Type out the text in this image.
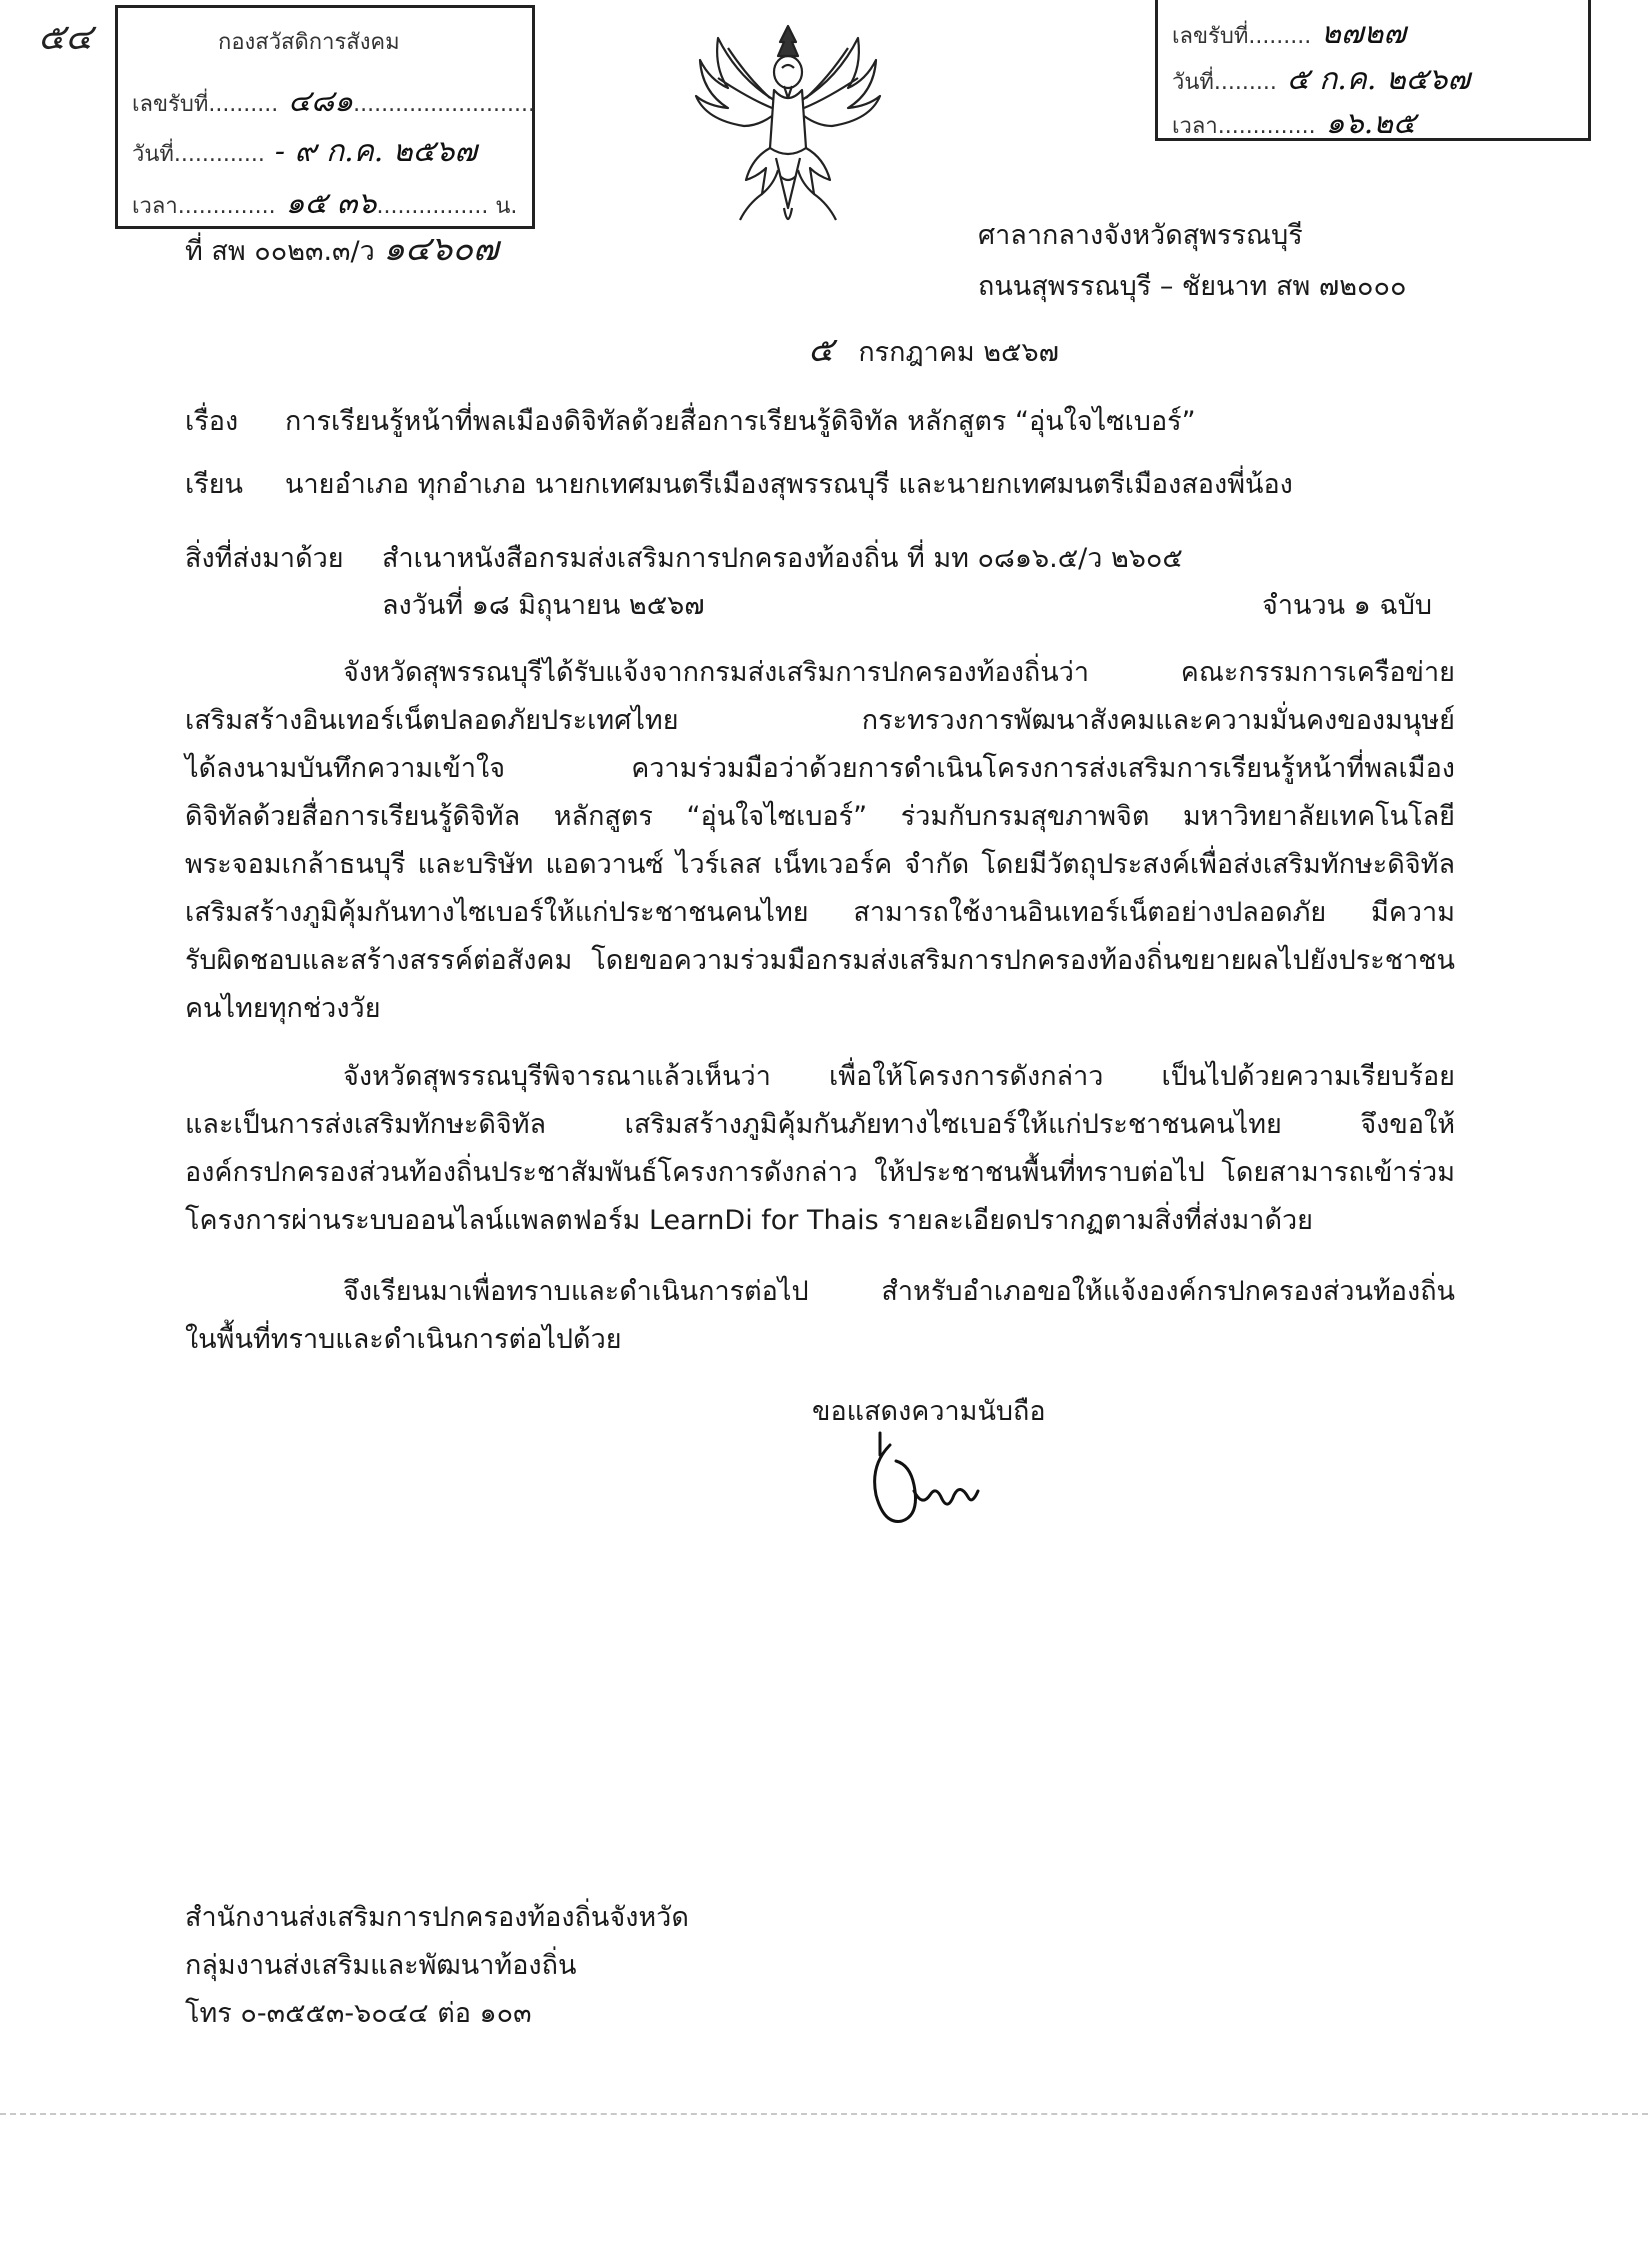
๕๔	กองสวัสดิการสังคม
เลขรับที่.......... ๔๘๑..........................
วันที่............. - ๙ ก.ค. ๒๕๖๗
เวลา.............. ๑๕ ๓๖................ น.
เลขรับที่......... ๒๗๒๗
วันที่......... ๕ ก.ค. ๒๕๖๗
เวลา.............. ๑๖.๒๕
ที่ สพ ๐๐๒๓.๓/ว ๑๔๖๐๗	ศาลากลางจังหวัดสุพรรณบุรี
ถนนสุพรรณบุรี – ชัยนาท สพ ๗๒๐๐๐
๕ กรกฎาคม ๒๕๖๗
เรื่อง การเรียนรู้หน้าที่พลเมืองดิจิทัลด้วยสื่อการเรียนรู้ดิจิทัล หลักสูตร “อุ่นใจไซเบอร์”
เรียน นายอำเภอ ทุกอำเภอ นายกเทศมนตรีเมืองสุพรรณบุรี และนายกเทศมนตรีเมืองสองพี่น้อง
สิ่งที่ส่งมาด้วย สำเนาหนังสือกรมส่งเสริมการปกครองท้องถิ่น ที่ มท ๐๘๑๖.๕/ว ๒๖๐๕
ลงวันที่ ๑๘ มิถุนายน ๒๕๖๗	จำนวน ๑ ฉบับ
จังหวัดสุพรรณบุรีได้รับแจ้งจากกรมส่งเสริมการปกครองท้องถิ่นว่า คณะกรรมการเครือข่าย
เสริมสร้างอินเทอร์เน็ตปลอดภัยประเทศไทย กระทรวงการพัฒนาสังคมและความมั่นคงของมนุษย์
ได้ลงนามบันทึกความเข้าใจ ความร่วมมือว่าด้วยการดำเนินโครงการส่งเสริมการเรียนรู้หน้าที่พลเมือง
ดิจิทัลด้วยสื่อการเรียนรู้ดิจิทัล หลักสูตร “อุ่นใจไซเบอร์” ร่วมกับกรมสุขภาพจิต มหาวิทยาลัยเทคโนโลยี
พระจอมเกล้าธนบุรี และบริษัท แอดวานซ์ ไวร์เลส เน็ทเวอร์ค จำกัด โดยมีวัตถุประสงค์เพื่อส่งเสริมทักษะดิจิทัล
เสริมสร้างภูมิคุ้มกันทางไซเบอร์ให้แก่ประชาชนคนไทย สามารถใช้งานอินเทอร์เน็ตอย่างปลอดภัย มีความ
รับผิดชอบและสร้างสรรค์ต่อสังคม โดยขอความร่วมมือกรมส่งเสริมการปกครองท้องถิ่นขยายผลไปยังประชาชน
คนไทยทุกช่วงวัย
จังหวัดสุพรรณบุรีพิจารณาแล้วเห็นว่า เพื่อให้โครงการดังกล่าว เป็นไปด้วยความเรียบร้อย
และเป็นการส่งเสริมทักษะดิจิทัล เสริมสร้างภูมิคุ้มกันภัยทางไซเบอร์ให้แก่ประชาชนคนไทย จึงขอให้
องค์กรปกครองส่วนท้องถิ่นประชาสัมพันธ์โครงการดังกล่าว ให้ประชาชนพื้นที่ทราบต่อไป โดยสามารถเข้าร่วม
โครงการผ่านระบบออนไลน์แพลตฟอร์ม LearnDi for Thais รายละเอียดปรากฏตามสิ่งที่ส่งมาด้วย
จึงเรียนมาเพื่อทราบและดำเนินการต่อไป สำหรับอำเภอขอให้แจ้งองค์กรปกครองส่วนท้องถิ่น
ในพื้นที่ทราบและดำเนินการต่อไปด้วย
ขอแสดงความนับถือ
สำนักงานส่งเสริมการปกครองท้องถิ่นจังหวัด
กลุ่มงานส่งเสริมและพัฒนาท้องถิ่น
โทร ๐-๓๕๕๓-๖๐๔๔ ต่อ ๑๐๓
